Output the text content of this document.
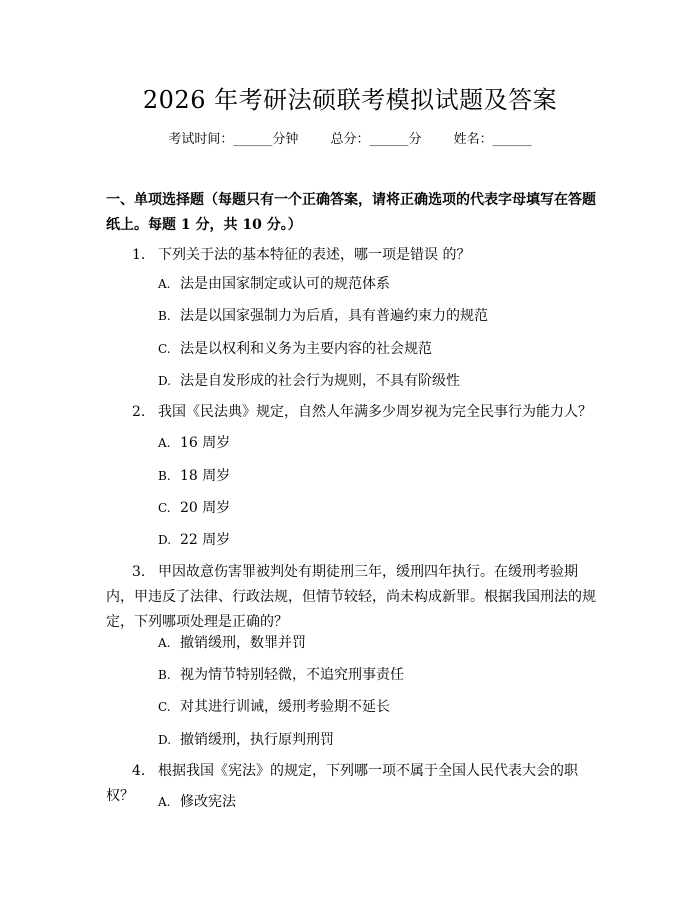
2026 年考研法硕联考模拟试题及答案
考试时间：______分钟 总分：______分 姓名：______
一、单项选择题（每题只有一个正确答案，请将正确选项的代表字母填写在答题纸上。每题 1 分，共 10 分。）
1. 下列关于法的基本特征的表述，哪一项是错误 的？
A. 法是由国家制定或认可的规范体系
B. 法是以国家强制力为后盾，具有普遍约束力的规范
C. 法是以权利和义务为主要内容的社会规范
D. 法是自发形成的社会行为规则，不具有阶级性
2. 我国《民法典》规定，自然人年满多少周岁视为完全民事行为能力人？
A. 16 周岁
B. 18 周岁
C. 20 周岁
D. 22 周岁
3. 甲因故意伤害罪被判处有期徒刑三年，缓刑四年执行。在缓刑考验期内，甲违反了法律、行政法规，但情节较轻，尚未构成新罪。根据我国刑法的规定，下列哪项处理是正确的？
A. 撤销缓刑，数罪并罚
B. 视为情节特别轻微，不追究刑事责任
C. 对其进行训诫，缓刑考验期不延长
D. 撤销缓刑，执行原判刑罚
4. 根据我国《宪法》的规定，下列哪一项不属于全国人民代表大会的职权？	A. 修改宪法
